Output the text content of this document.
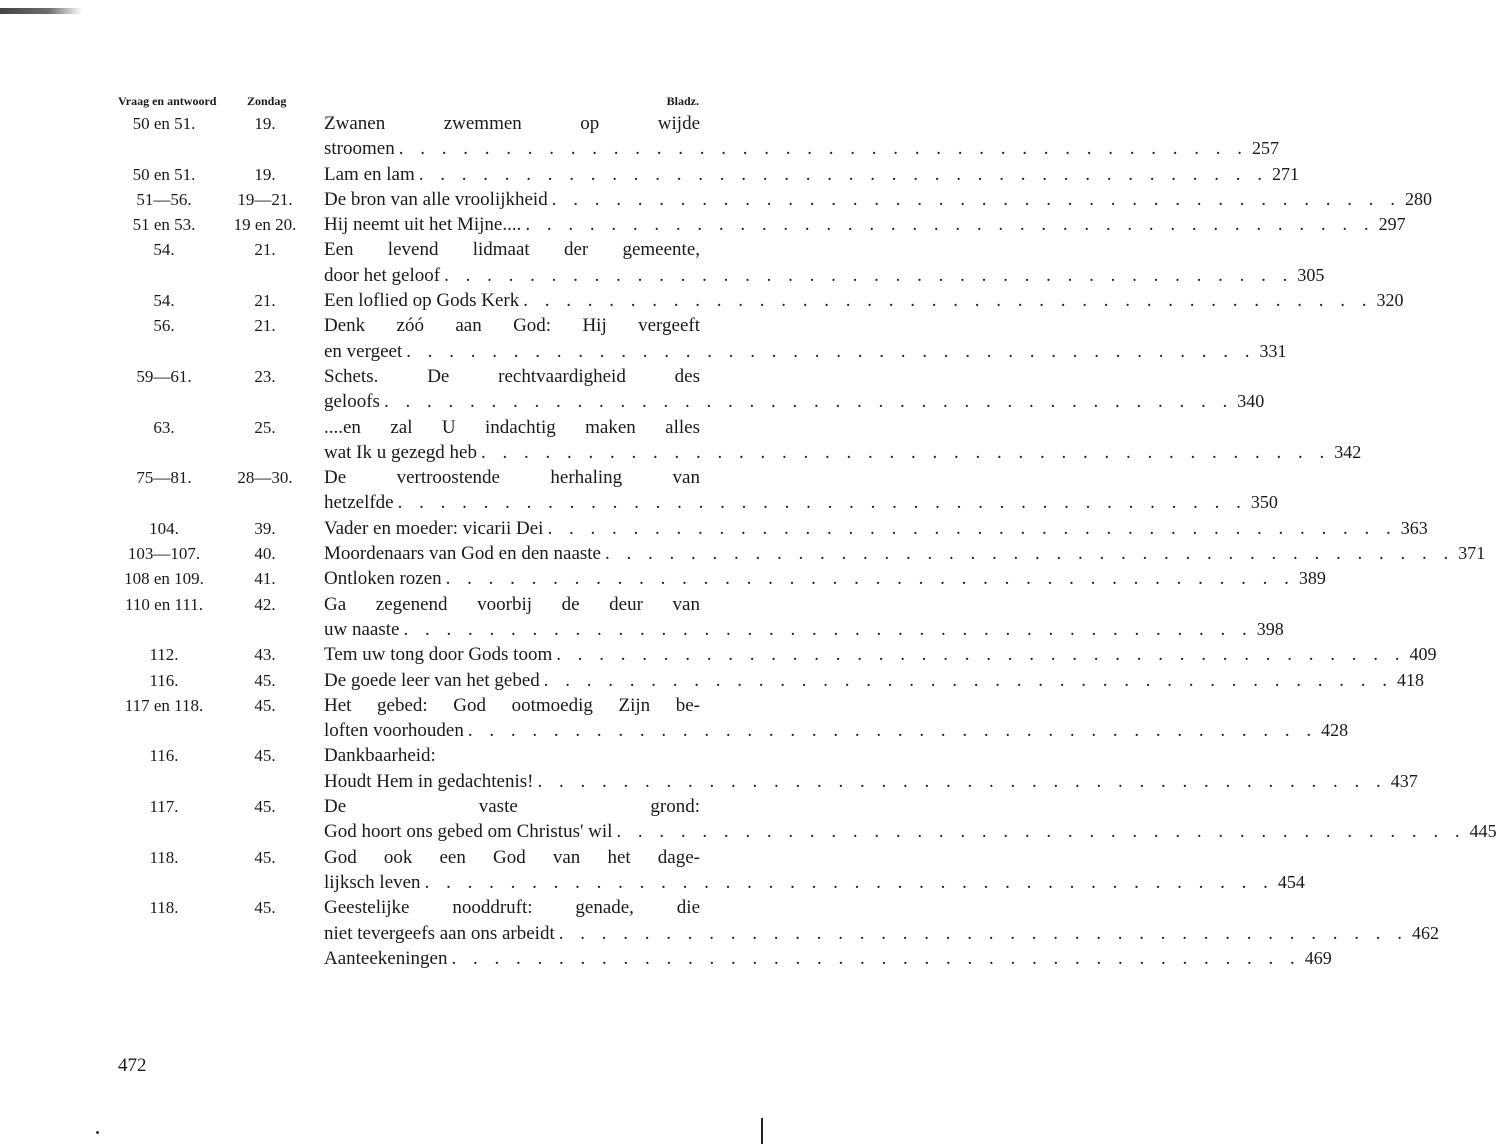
Vraag en antwoord	Zondag	Bladz.
50 en 51.	19.	Zwanen zwemmen op wijde
stroomen . . . . . . . . . . . . . . . . . . . . . . . . . . . . . . . . . . . . . . . . 257
50 en 51.	19.	Lam en lam . . . . . . . . . . . . . . . . . . . . . . . . . . . . . . . . . . . . . . . . 271
51—56.	19—21.	De bron van alle vroolijkheid . . . . . . . . . . . . . . . . . . . . . . . . . . . . . . . . . . . . . . . . 280
51 en 53.	19 en 20.	Hij neemt uit het Mijne.... . . . . . . . . . . . . . . . . . . . . . . . . . . . . . . . . . . . . . . . . 297
54.	21.	Een levend lidmaat der gemeente,
door het geloof . . . . . . . . . . . . . . . . . . . . . . . . . . . . . . . . . . . . . . . . 305
54.	21.	Een loflied op Gods Kerk . . . . . . . . . . . . . . . . . . . . . . . . . . . . . . . . . . . . . . . . 320
56.	21.	Denk zóó aan God: Hij vergeeft
en vergeet . . . . . . . . . . . . . . . . . . . . . . . . . . . . . . . . . . . . . . . . 331
59—61.	23.	Schets. De rechtvaardigheid des
geloofs . . . . . . . . . . . . . . . . . . . . . . . . . . . . . . . . . . . . . . . . 340
63.	25.	....en zal U indachtig maken alles
wat Ik u gezegd heb . . . . . . . . . . . . . . . . . . . . . . . . . . . . . . . . . . . . . . . . 342
75—81.	28—30.	De vertroostende herhaling van
hetzelfde . . . . . . . . . . . . . . . . . . . . . . . . . . . . . . . . . . . . . . . . 350
104.	39.	Vader en moeder: vicarii Dei . . . . . . . . . . . . . . . . . . . . . . . . . . . . . . . . . . . . . . . . 363
103—107.	40.	Moordenaars van God en den naaste . . . . . . . . . . . . . . . . . . . . . . . . . . . . . . . . . . . . . . . . 371
108 en 109.	41.	Ontloken rozen . . . . . . . . . . . . . . . . . . . . . . . . . . . . . . . . . . . . . . . . 389
110 en 111.	42.	Ga zegenend voorbij de deur van
uw naaste . . . . . . . . . . . . . . . . . . . . . . . . . . . . . . . . . . . . . . . . 398
112.	43.	Tem uw tong door Gods toom . . . . . . . . . . . . . . . . . . . . . . . . . . . . . . . . . . . . . . . . 409
116.	45.	De goede leer van het gebed . . . . . . . . . . . . . . . . . . . . . . . . . . . . . . . . . . . . . . . . 418
117 en 118.	45.	Het gebed: God ootmoedig Zijn be-
loften voorhouden . . . . . . . . . . . . . . . . . . . . . . . . . . . . . . . . . . . . . . . . 428
116.	45.	Dankbaarheid:
Houdt Hem in gedachtenis! . . . . . . . . . . . . . . . . . . . . . . . . . . . . . . . . . . . . . . . . 437
117.	45.	De vaste grond:
God hoort ons gebed om Christus' wil . . . . . . . . . . . . . . . . . . . . . . . . . . . . . . . . . . . . . . . . 445
118.	45.	God ook een God van het dage-
lijksch leven . . . . . . . . . . . . . . . . . . . . . . . . . . . . . . . . . . . . . . . . 454
118.	45.	Geestelijke nooddruft: genade, die
niet tevergeefs aan ons arbeidt . . . . . . . . . . . . . . . . . . . . . . . . . . . . . . . . . . . . . . . . 462
Aanteekeningen . . . . . . . . . . . . . . . . . . . . . . . . . . . . . . . . . . . . . . . . 469
472
